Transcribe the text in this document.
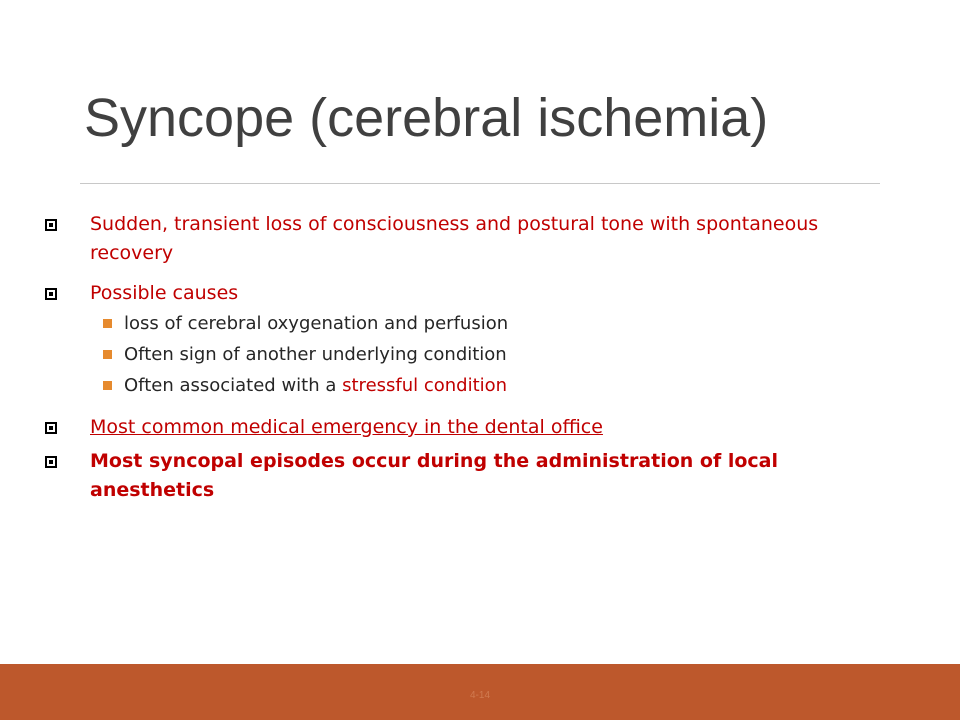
Syncope (cerebral ischemia)
Sudden, transient loss of consciousness and postural tone with spontaneous recovery
Possible causes
loss of cerebral oxygenation and perfusion
Often sign of another underlying condition
Often associated with a stressful condition
Most common medical emergency in the dental office
Most syncopal episodes occur during the administration of local anesthetics
4-14
